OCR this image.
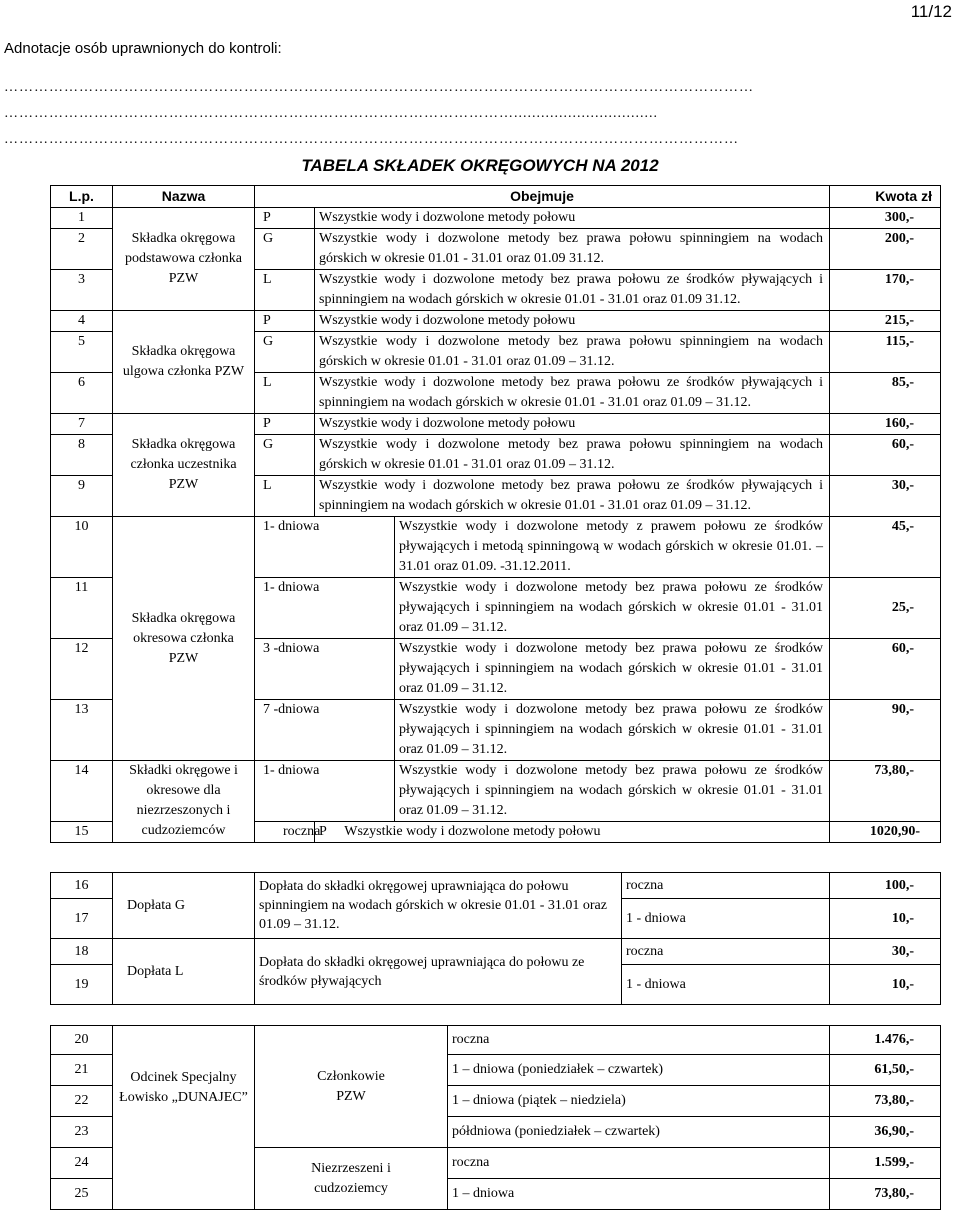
11/12
Adnotacje osób uprawnionych do kontroli:
……………………………………………………………………………………………………………………………………
…………………………………………………………………………………………................................
…………………………………………………………………………………………………………………………………
TABELA SKŁADEK OKRĘGOWYCH NA 2012
L.p.	Nazwa	Obejmuje			Kwota zł
1	Składka okręgowa podstawowa członka PZW	P	Wszystkie wody i dozwolone metody połowu		300,-
2		G	Wszystkie wody i dozwolone metody bez prawa połowu spinningiem na wodach górskich w okresie 01.01 - 31.01 oraz 01.09 31.12.		200,-
3		L	Wszystkie wody i dozwolone metody bez prawa połowu ze środków pływających i spinningiem na wodach górskich w okresie 01.01 - 31.01 oraz 01.09 31.12.		170,-
4	Składka okręgowa ulgowa członka PZW	P	Wszystkie wody i dozwolone metody połowu		215,-
5		G	Wszystkie wody i dozwolone metody bez prawa połowu spinningiem na wodach górskich w okresie 01.01 - 31.01 oraz 01.09 – 31.12.		115,-
6		L	Wszystkie wody i dozwolone metody bez prawa połowu ze środków pływających i spinningiem na wodach górskich w okresie 01.01 - 31.01 oraz 01.09 – 31.12.		85,-
7	Składka okręgowa członka uczestnika PZW	P	Wszystkie wody i dozwolone metody połowu		160,-
8		G	Wszystkie wody i dozwolone metody bez prawa połowu spinningiem na wodach górskich w okresie 01.01 - 31.01 oraz 01.09 – 31.12.		60,-
9		L	Wszystkie wody i dozwolone metody bez prawa połowu ze środków pływających i spinningiem na wodach górskich w okresie 01.01 - 31.01 oraz 01.09 – 31.12.		30,-
10	Składka okręgowa okresowa członka PZW	1- dniowa		Wszystkie wody i dozwolone metody z prawem połowu ze środków pływających i metodą spinningową w wodach górskich w okresie 01.01. – 31.01 oraz 01.09. -31.12.2011.	45,-
11		1- dniowa		Wszystkie wody i dozwolone metody bez prawa połowu ze środków pływających i spinningiem na wodach górskich w okresie 01.01 - 31.01 oraz 01.09 – 31.12.	25,-
12		3 -dniowa		Wszystkie wody i dozwolone metody bez prawa połowu ze środków pływających i spinningiem na wodach górskich w okresie 01.01 - 31.01 oraz 01.09 – 31.12.	60,-
13		7 -dniowa		Wszystkie wody i dozwolone metody bez prawa połowu ze środków pływających i spinningiem na wodach górskich w okresie 01.01 - 31.01 oraz 01.09 – 31.12.	90,-
14	Składki okręgowe i okresowe dla niezrzeszonych i cudzoziemców	1- dniowa		Wszystkie wody i dozwolone metody bez prawa połowu ze środków pływających i spinningiem na wodach górskich w okresie 01.01 - 31.01 oraz 01.09 – 31.12.	73,80,-
15		roczna	P Wszystkie wody i dozwolone metody połowu		1020,90-
16	Dopłata G	Dopłata do składki okręgowej uprawniająca do połowu spinningiem na wodach górskich w okresie 01.01 - 31.01 oraz 01.09 – 31.12.	roczna	100,-
17			1 - dniowa	10,-
18	Dopłata L	Dopłata do składki okręgowej uprawniająca do połowu ze środków pływających	roczna	30,-
19			1 - dniowa	10,-
20	Odcinek Specjalny Łowisko „DUNAJEC”	Członkowie PZW	roczna	1.476,-
21			1 – dniowa (poniedziałek – czwartek)	61,50,-
22			1 – dniowa (piątek – niedziela)	73,80,-
23			półdniowa (poniedziałek – czwartek)	36,90,-
24		Niezrzeszeni i cudzoziemcy	roczna	1.599,-
25			1 – dniowa	73,80,-
